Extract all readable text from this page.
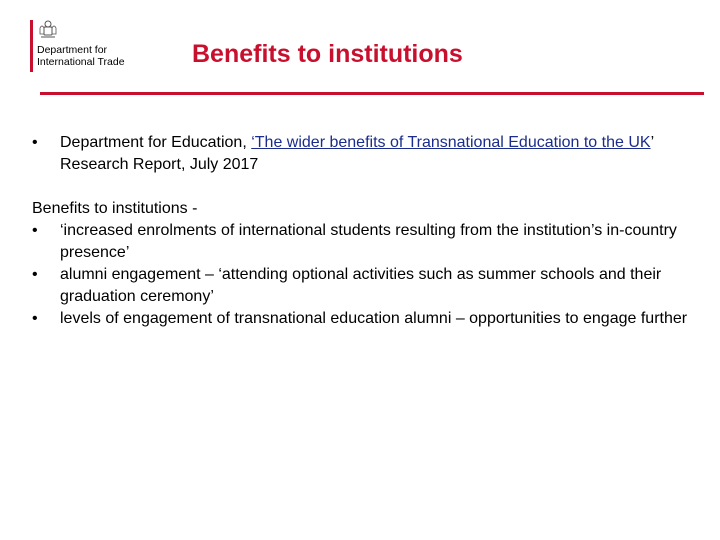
Department for
International Trade	Benefits to institutions
• Department for Education, ‘The wider benefits of Transnational Education to the UK’ Research Report, July 2017
Benefits to institutions -
• ‘increased enrolments of international students resulting from the institution’s in-country presence’
• alumni engagement – ‘attending optional activities such as summer schools and their graduation ceremony’
• levels of engagement of transnational education alumni – opportunities to engage further
